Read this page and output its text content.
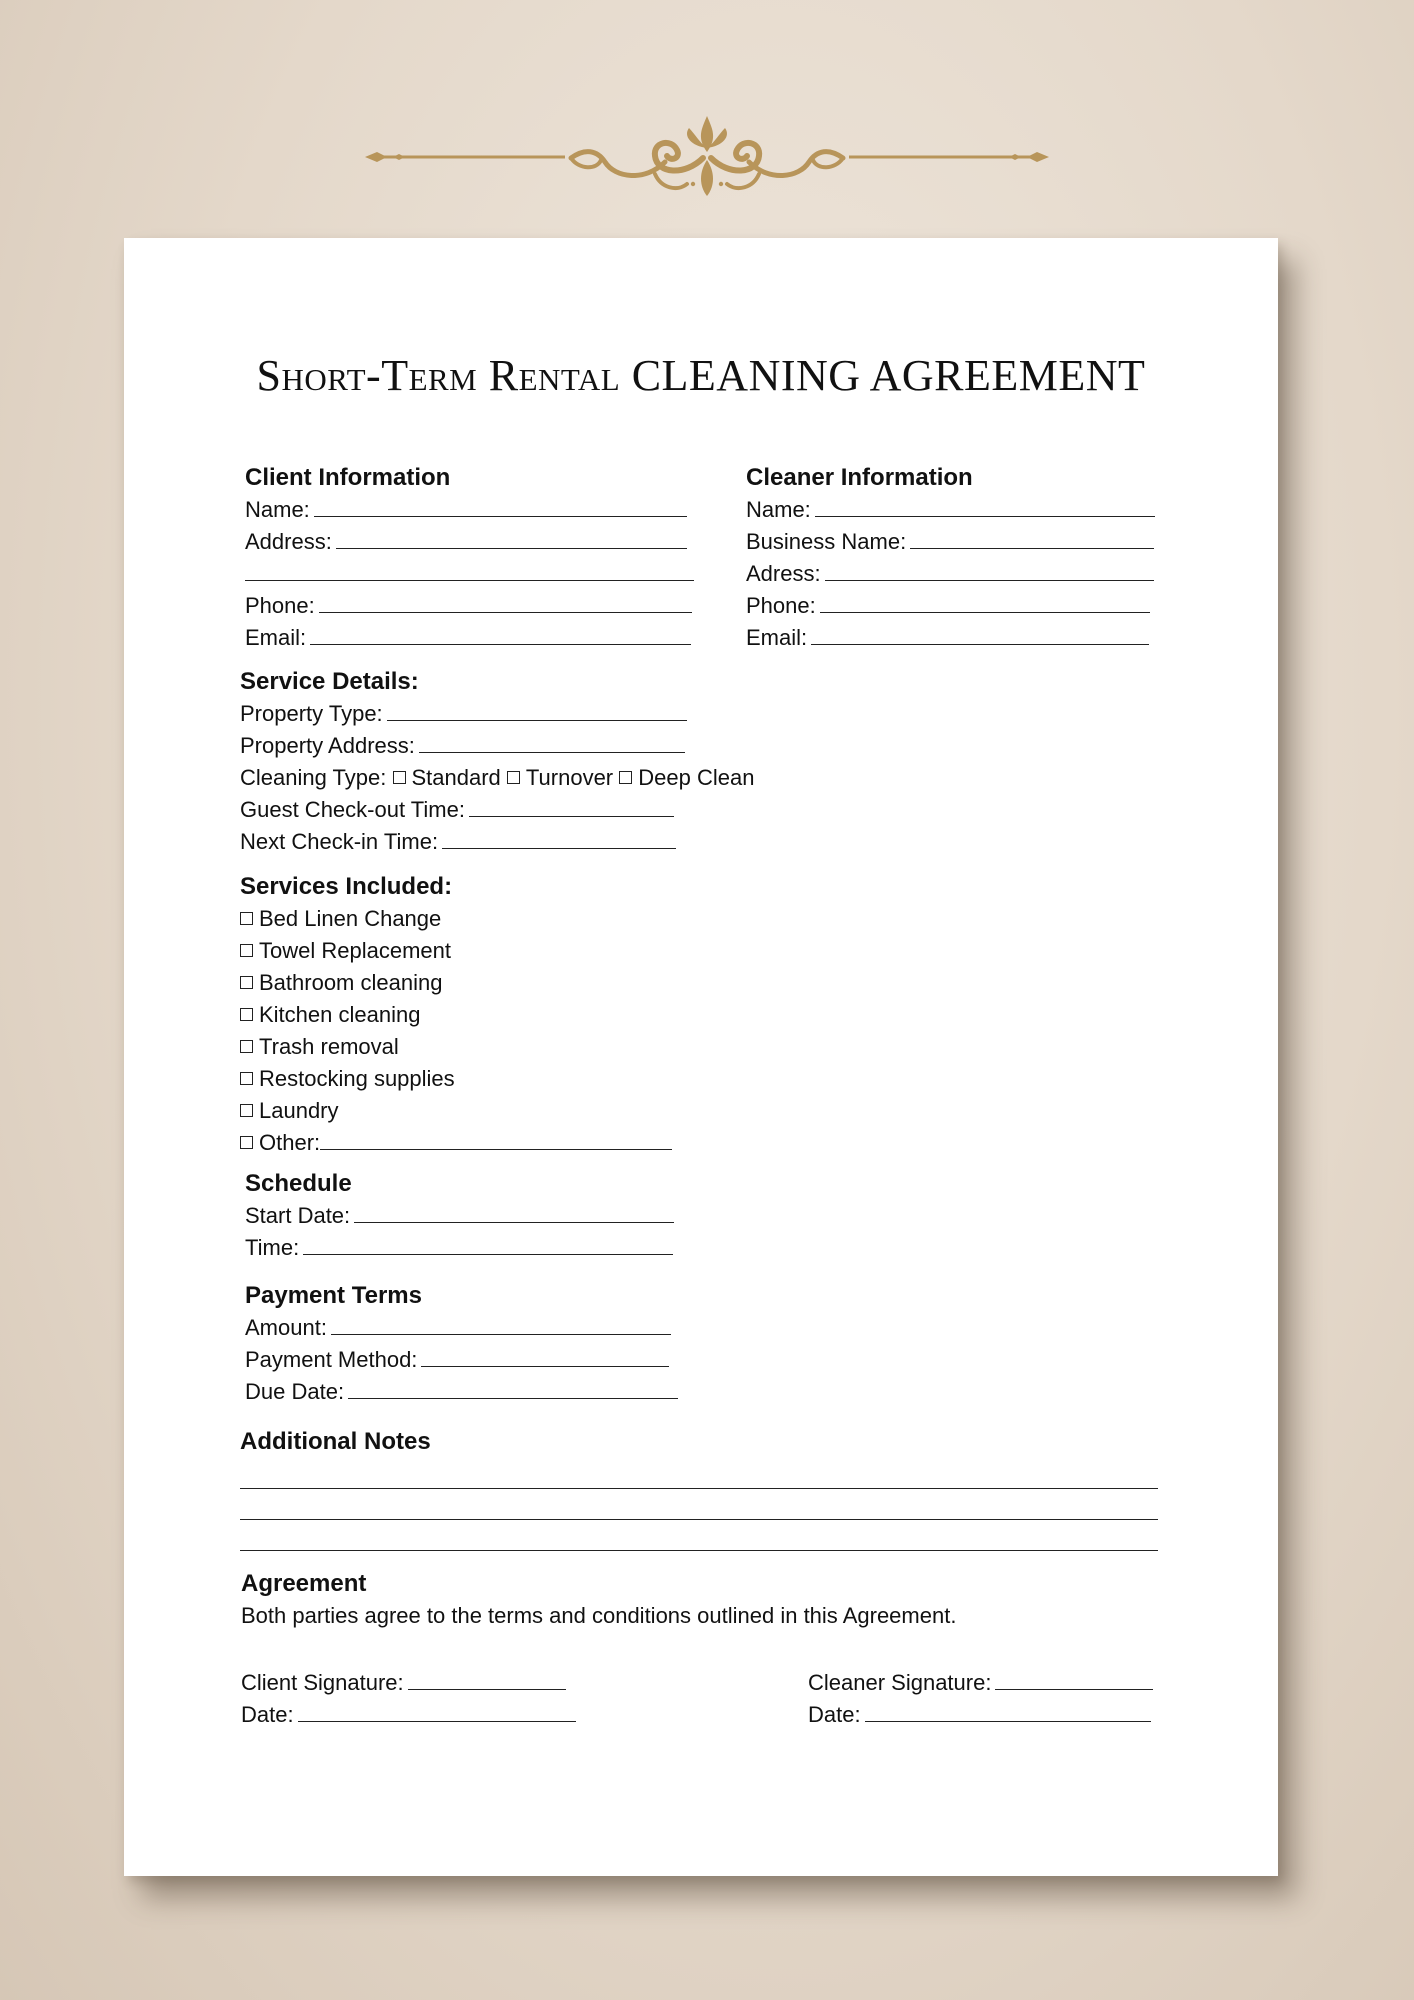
Short-Term Rental CLEANING AGREEMENT
Client Information
Name:
Address:
Phone:
Email:
Cleaner Information
Name:
Business Name:
Adress:
Phone:
Email:
Service Details:
Property Type:
Property Address:
Cleaning Type: Standard Turnover Deep Clean
Guest Check-out Time:
Next Check-in Time:
Services Included:
Bed Linen Change
Towel Replacement
Bathroom cleaning
Kitchen cleaning
Trash removal
Restocking supplies
Laundry
Other:
Schedule
Start Date:
Time:
Payment Terms
Amount:
Payment Method:
Due Date:
Additional Notes
Agreement
Both parties agree to the terms and conditions outlined in this Agreement.
Client Signature:
Date:
Cleaner Signature:
Date:
